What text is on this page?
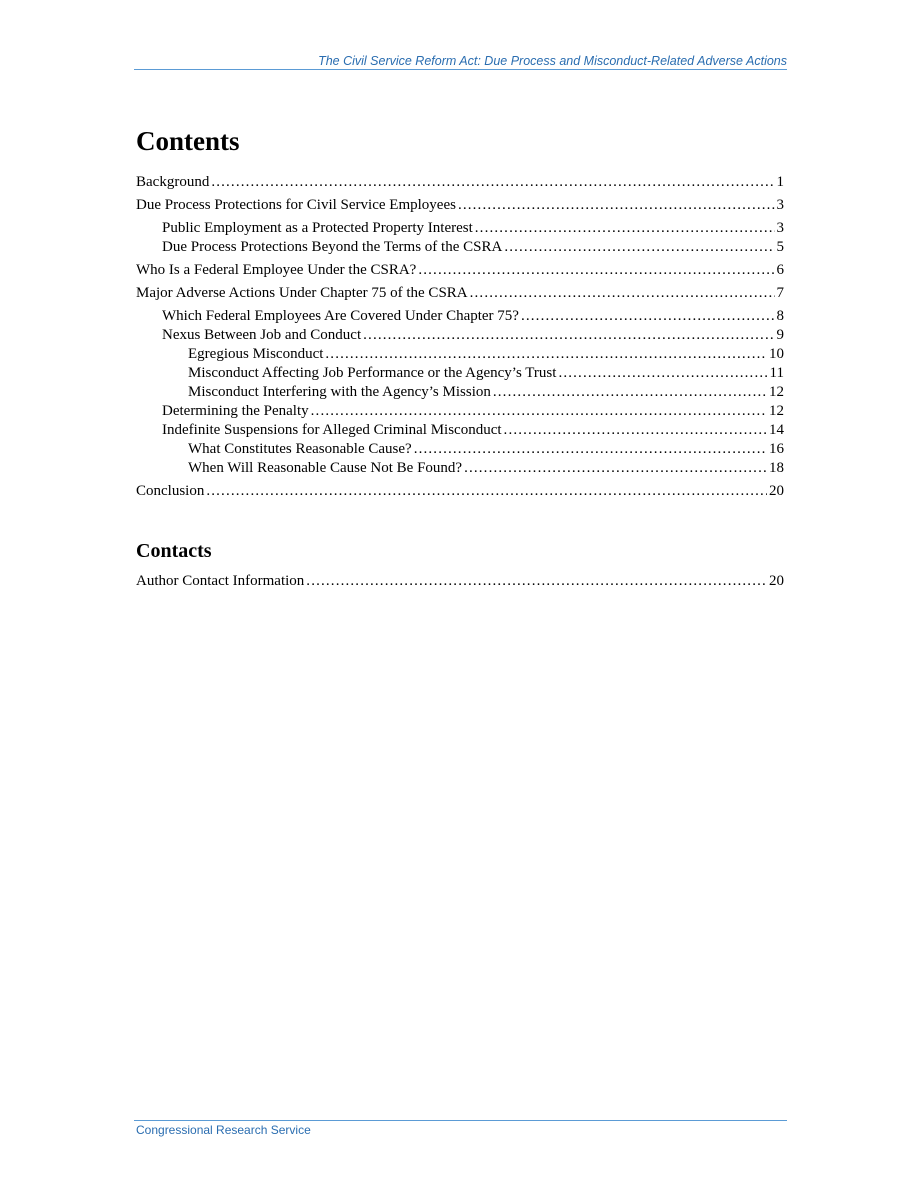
The Civil Service Reform Act: Due Process and Misconduct-Related Adverse Actions
Contents
Background . . .	1
Due Process Protections for Civil Service Employees . . .	3
Public Employment as a Protected Property Interest . . .	3
Due Process Protections Beyond the Terms of the CSRA . . .	5
Who Is a Federal Employee Under the CSRA? . . .	6
Major Adverse Actions Under Chapter 75 of the CSRA . . .	7
Which Federal Employees Are Covered Under Chapter 75? . . .	8
Nexus Between Job and Conduct . . .	9
Egregious Misconduct . . .	10
Misconduct Affecting Job Performance or the Agency’s Trust . . .	11
Misconduct Interfering with the Agency’s Mission . . .	12
Determining the Penalty . . .	12
Indefinite Suspensions for Alleged Criminal Misconduct . . .	14
What Constitutes Reasonable Cause? . . .	16
When Will Reasonable Cause Not Be Found? . . .	18
Conclusion . . .	20
Contacts
Author Contact Information . . .	20
Congressional Research Service
